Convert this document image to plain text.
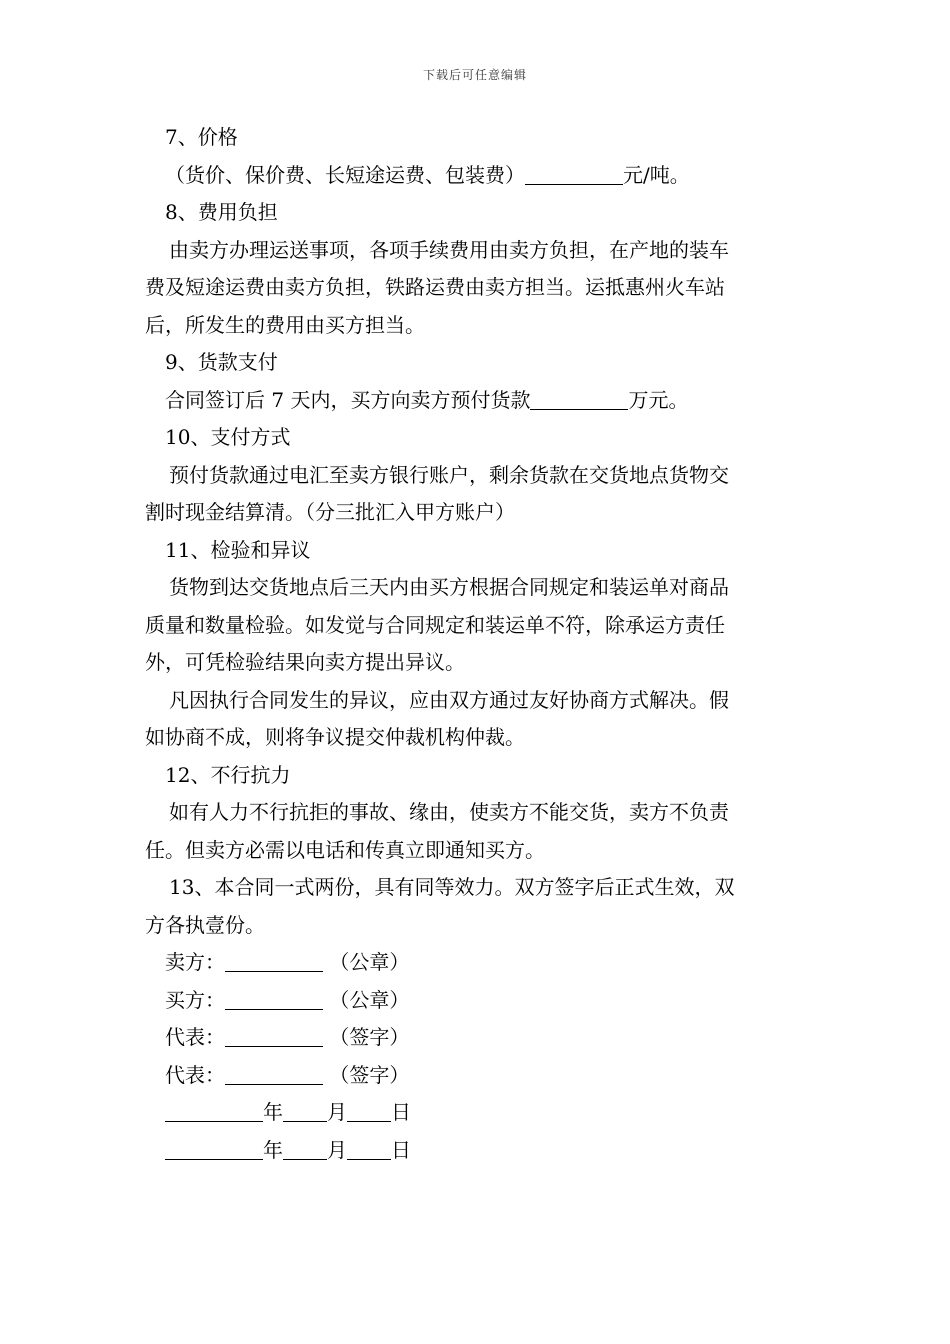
下载后可任意编辑
7、价格
（货价、保价费、长短途运费、包装费）	元/吨。
8、费用负担
由卖方办理运送事项，各项手续费用由卖方负担，在产地的装车
费及短途运费由卖方负担，铁路运费由卖方担当。运抵惠州火车站
后，所发生的费用由买方担当。
9、货款支付
合同签订后 7 天内，买方向卖方预付货款	万元。
10、支付方式
预付货款通过电汇至卖方银行账户，剩余货款在交货地点货物交
割时现金结算清。（分三批汇入甲方账户）
11、检验和异议
货物到达交货地点后三天内由买方根据合同规定和装运单对商品
质量和数量检验。如发觉与合同规定和装运单不符，除承运方责任
外，可凭检验结果向卖方提出异议。
凡因执行合同发生的异议，应由双方通过友好协商方式解决。假
如协商不成，则将争议提交仲裁机构仲裁。
12、不行抗力
如有人力不行抗拒的事故、缘由，使卖方不能交货，卖方不负责
任。但卖方必需以电话和传真立即通知买方。
13、本合同一式两份，具有同等效力。双方签字后正式生效，双
方各执壹份。
卖方：	（公章）
买方：	（公章）
代表：	（签字）
代表：	（签字）
年 月 日
年 月 日
